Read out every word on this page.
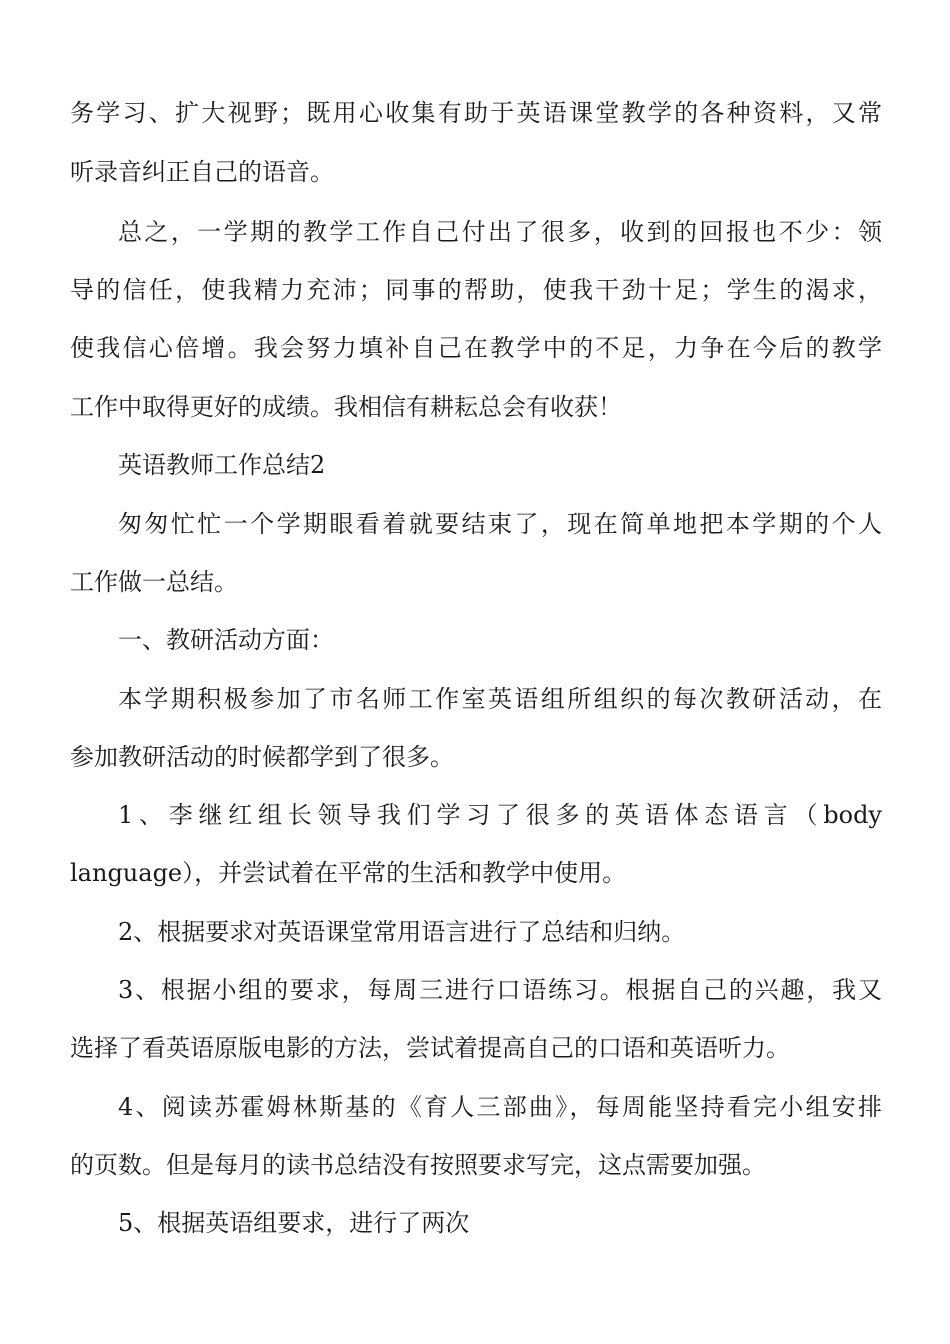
务学习、扩大视野；既用心收集有助于英语课堂教学的各种资料，又常
听录音纠正自己的语音。
总之，一学期的教学工作自己付出了很多，收到的回报也不少：领
导的信任，使我精力充沛；同事的帮助，使我干劲十足；学生的渴求，
使我信心倍增。我会努力填补自己在教学中的不足，力争在今后的教学
工作中取得更好的成绩。我相信有耕耘总会有收获！
英语教师工作总结2
匆匆忙忙一个学期眼看着就要结束了，现在简单地把本学期的个人
工作做一总结。
一、教研活动方面：
本学期积极参加了市名师工作室英语组所组织的每次教研活动，在
参加教研活动的时候都学到了很多。
1、李继红组长领导我们学习了很多的英语体态语言（body
language），并尝试着在平常的生活和教学中使用。
2、根据要求对英语课堂常用语言进行了总结和归纳。
3、根据小组的要求，每周三进行口语练习。根据自己的兴趣，我又
选择了看英语原版电影的方法，尝试着提高自己的口语和英语听力。
4、阅读苏霍姆林斯基的《育人三部曲》，每周能坚持看完小组安排
的页数。但是每月的读书总结没有按照要求写完，这点需要加强。
5、根据英语组要求，进行了两次
